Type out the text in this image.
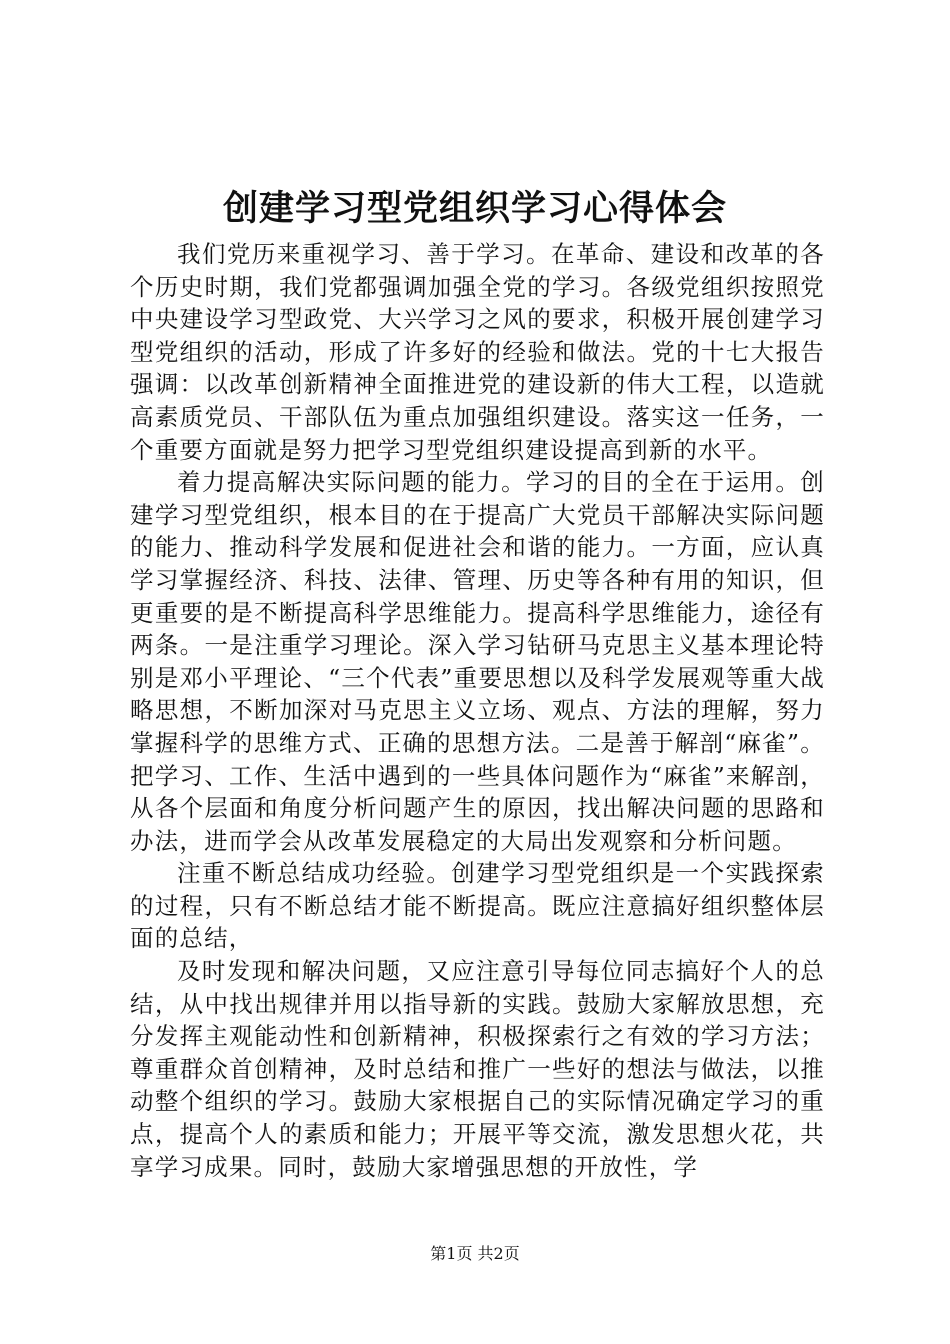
创建学习型党组织学习心得体会

我们党历来重视学习、善于学习。在革命、建设和改革的各个历史时期，我们党都强调加强全党的学习。各级党组织按照党中央建设学习型政党、大兴学习之风的要求，积极开展创建学习型党组织的活动，形成了许多好的经验和做法。党的十七大报告强调：以改革创新精神全面推进党的建设新的伟大工程，以造就高素质党员、干部队伍为重点加强组织建设。落实这一任务，一个重要方面就是努力把学习型党组织建设提高到新的水平。

着力提高解决实际问题的能力。学习的目的全在于运用。创建学习型党组织，根本目的在于提高广大党员干部解决实际问题的能力、推动科学发展和促进社会和谐的能力。一方面，应认真学习掌握经济、科技、法律、管理、历史等各种有用的知识，但更重要的是不断提高科学思维能力。提高科学思维能力，途径有两条。一是注重学习理论。深入学习钻研马克思主义基本理论特别是邓小平理论、“三个代表”重要思想以及科学发展观等重大战略思想，不断加深对马克思主义立场、观点、方法的理解，努力掌握科学的思维方式、正确的思想方法。二是善于解剖“麻雀”。把学习、工作、生活中遇到的一些具体问题作为“麻雀”来解剖，从各个层面和角度分析问题产生的原因，找出解决问题的思路和办法，进而学会从改革发展稳定的大局出发观察和分析问题。

注重不断总结成功经验。创建学习型党组织是一个实践探索的过程，只有不断总结才能不断提高。既应注意搞好组织整体层面的总结，

及时发现和解决问题，又应注意引导每位同志搞好个人的总结，从中找出规律并用以指导新的实践。鼓励大家解放思想，充分发挥主观能动性和创新精神，积极探索行之有效的学习方法；尊重群众首创精神，及时总结和推广一些好的想法与做法，以推动整个组织的学习。鼓励大家根据自己的实际情况确定学习的重点，提高个人的素质和能力；开展平等交流，激发思想火花，共享学习成果。同时，鼓励大家增强思想的开放性，学

第1页 共2页
